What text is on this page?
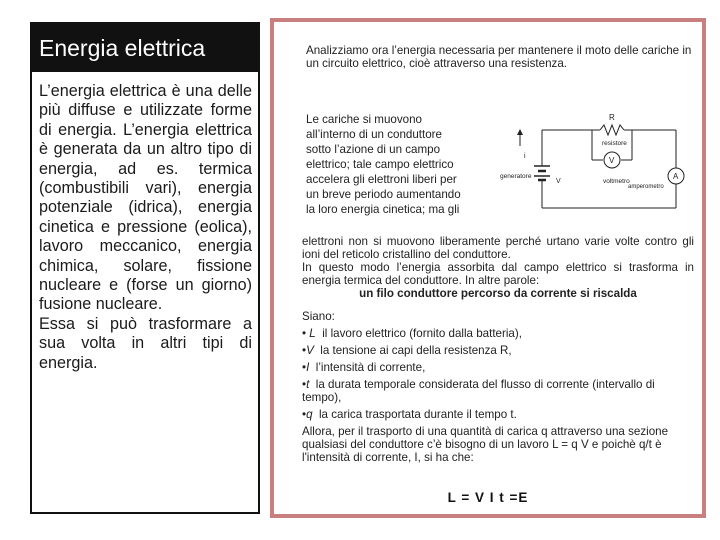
Energia elettrica

L’energia elettrica è una delle più diffuse e utilizzate forme di energia. L’energia elettrica è generata da un altro tipo di energia, ad es. termica (combustibili vari), energia potenziale (idrica), energia cinetica e pressione (eolica), lavoro meccanico, energia chimica, solare, fissione nucleare e (forse un giorno) fusione nucleare.

Essa si può trasformare a sua volta in altri tipi di energia.

Analizziamo ora l’energia necessaria per mantenere il moto delle cariche in un circuito elettrico, cioè attraverso una resistenza.
Le cariche si muovono
all’interno di un conduttore
sotto l’azione di un campo
elettrico; tale campo elettrico
accelera gli elettroni liberi per
un breve periodo aumentando
la loro energia cinetica; ma gli
R
resistore
i	V
generatore
V	voltmetro
amperometro
A

elettroni non si muovono liberamente perché urtano varie volte contro gli ioni del reticolo cristallino del conduttore.

In questo modo l’energia assorbita dal campo elettrico si trasforma in energia termica del conduttore. In altre parole:

un filo conduttore percorso da corrente si riscalda

Siano:

• L il lavoro elettrico (fornito dalla batteria),
•V la tensione ai capi della resistenza R,
•I l’intensità di corrente,
•t la durata temporale considerata del flusso di corrente (intervallo di tempo),
•q la carica trasportata durante il tempo t.

Allora, per il trasporto di una quantità di carica q attraverso una sezione qualsiasi del conduttore c’è bisogno di un lavoro L = q V e poichè q/t è l'intensità di corrente, I, si ha che:

L = V I t =E
